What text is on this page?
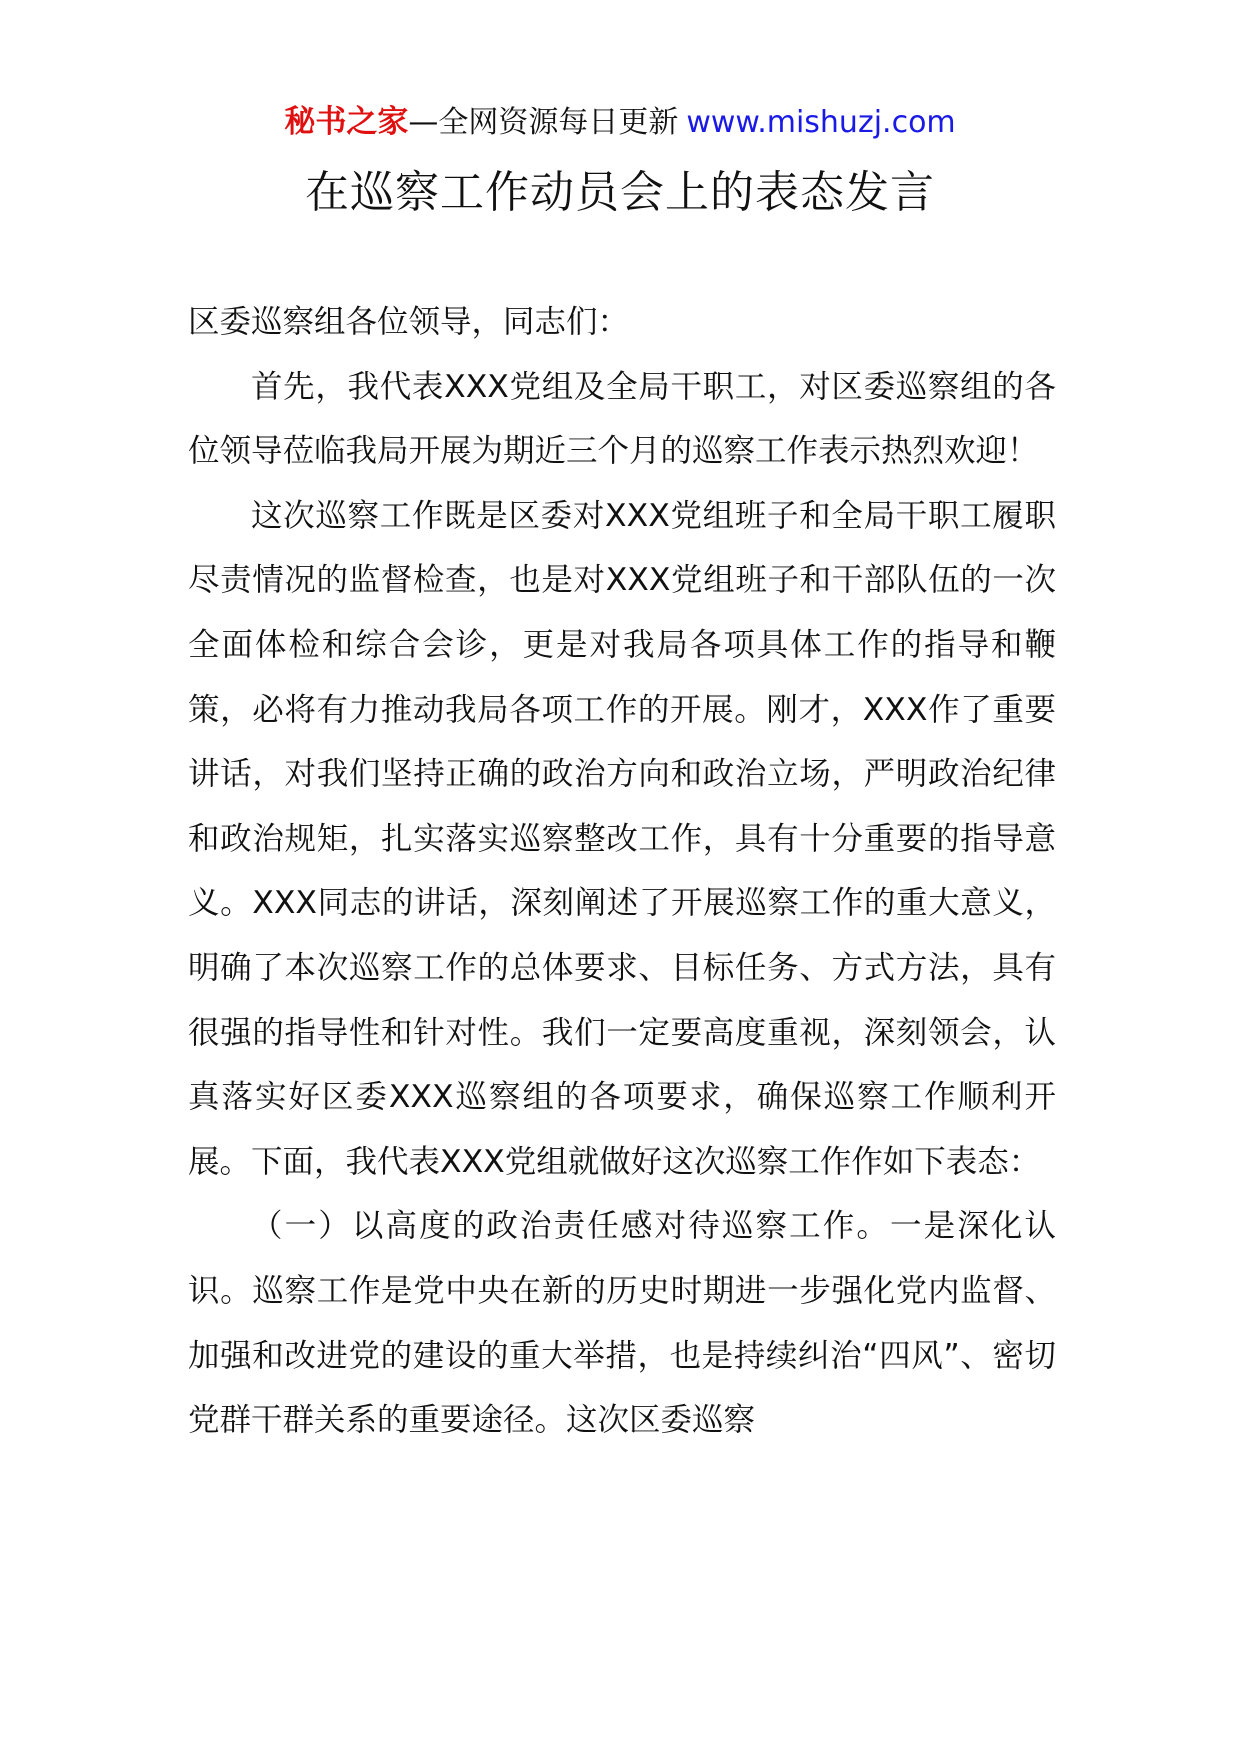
秘书之家—全网资源每日更新 www.mishuzj.com
在巡察工作动员会上的表态发言

区委巡察组各位领导，同志们：

首先，我代表XXX党组及全局干职工，对区委巡察组的各位领导莅临我局开展为期近三个月的巡察工作表示热烈欢迎！

这次巡察工作既是区委对XXX党组班子和全局干职工履职尽责情况的监督检查，也是对XXX党组班子和干部队伍的一次全面体检和综合会诊，更是对我局各项具体工作的指导和鞭策，必将有力推动我局各项工作的开展。刚才，XXX作了重要讲话，对我们坚持正确的政治方向和政治立场，严明政治纪律和政治规矩，扎实落实巡察整改工作，具有十分重要的指导意义。XXX同志的讲话，深刻阐述了开展巡察工作的重大意义，明确了本次巡察工作的总体要求、目标任务、方式方法，具有很强的指导性和针对性。我们一定要高度重视，深刻领会，认真落实好区委XXX巡察组的各项要求，确保巡察工作顺利开展。下面，我代表XXX党组就做好这次巡察工作作如下表态：

（一）以高度的政治责任感对待巡察工作。一是深化认识。巡察工作是党中央在新的历史时期进一步强化党内监督、加强和改进党的建设的重大举措，也是持续纠治“四风”、密切党群干群关系的重要途径。这次区委巡察
